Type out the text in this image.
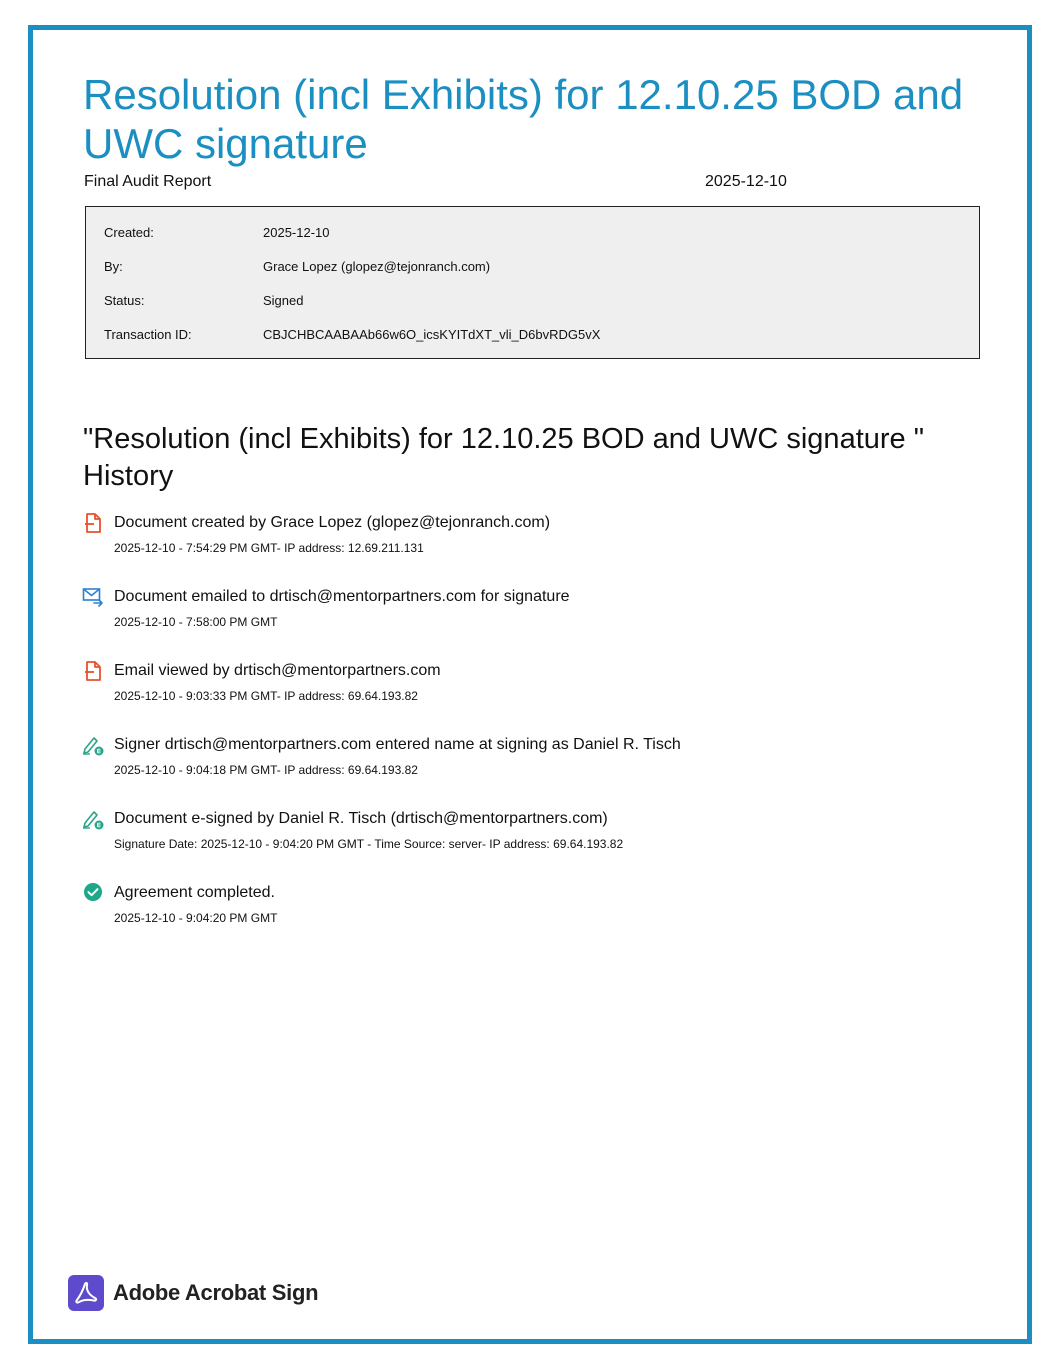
Resolution (incl Exhibits) for 12.10.25 BOD and UWC signature
Final Audit Report	2025-12-10
Created:	2025-12-10
By:	Grace Lopez (glopez@tejonranch.com)
Status:	Signed
Transaction ID:	CBJCHBCAABAAb66w6O_icsKYITdXT_vli_D6bvRDG5vX
"Resolution (incl Exhibits) for 12.10.25 BOD and UWC signature " History
Document created by Grace Lopez (glopez@tejonranch.com)
2025-12-10 - 7:54:29 PM GMT- IP address: 12.69.211.131
Document emailed to drtisch@mentorpartners.com for signature
2025-12-10 - 7:58:00 PM GMT
Email viewed by drtisch@mentorpartners.com
2025-12-10 - 9:03:33 PM GMT- IP address: 69.64.193.82
Signer drtisch@mentorpartners.com entered name at signing as Daniel R. Tisch
2025-12-10 - 9:04:18 PM GMT- IP address: 69.64.193.82
Document e-signed by Daniel R. Tisch (drtisch@mentorpartners.com)
Signature Date: 2025-12-10 - 9:04:20 PM GMT - Time Source: server- IP address: 69.64.193.82
Agreement completed.
2025-12-10 - 9:04:20 PM GMT
Adobe Acrobat Sign
